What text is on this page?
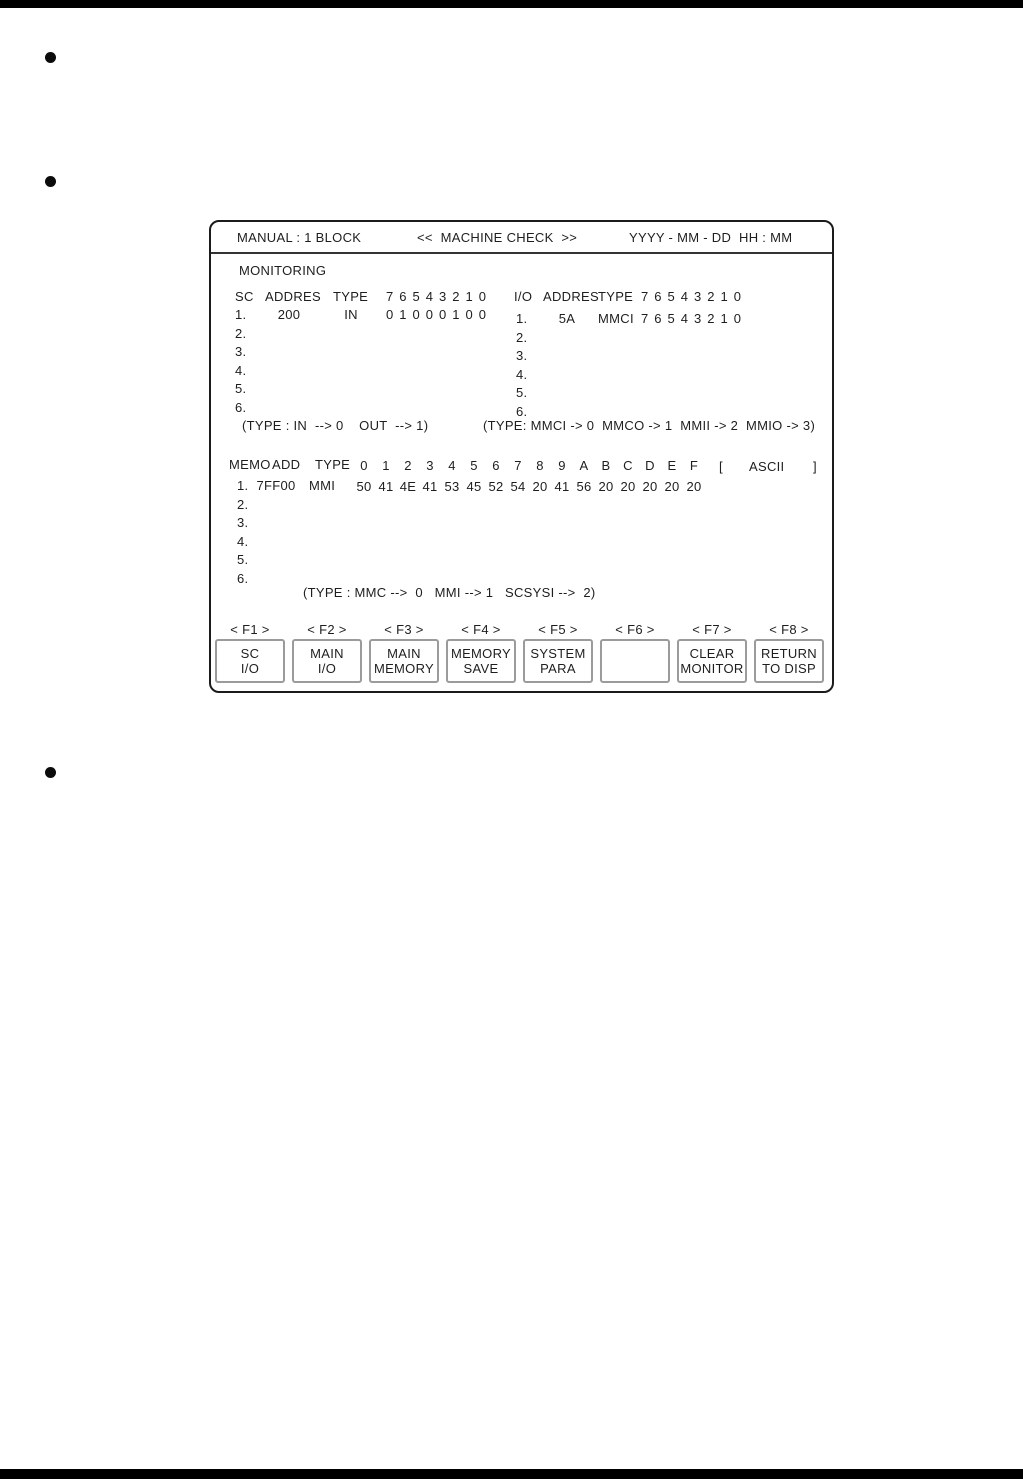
MANUAL : 1 BLOCK	<<  MACHINE CHECK  >>	YYYY - MM - DD  HH : MM
MONITORING
SC ADDRES TYPE 7 6 5 4 3 2 1 0
1.	200	IN	0 1 0 0 0 1 0 0
2.
3.
4.
5.
6.
I/O ADDRES TYPE 7 6 5 4 3 2 1 0
1.	5A	MMCI 7 6 5 4 3 2 1 0
2.
3.
4.
5.
6.
(TYPE : IN  --> 0    OUT  --> 1)	(TYPE: MMCI -> 0  MMCO -> 1  MMII -> 2  MMIO -> 3)
MEMO ADD TYPE 0	1	2	3	4	5	6	7	8	9	A	B C D E	F	[ ASCII ]
1. 7FF00	MMI 50 41 4E 41 53 45 52 54 20 41 56 20 20 20 20 20
2.
3.
4.
5.
6.
(TYPE : MMC -->  0   MMI --> 1   SCSYSI -->  2)
< F1 >	< F2 >	< F3 >	< F4 >	< F5 >	< F6 >	< F7 >	< F8 >
SC
I/O
MAIN
I/O
MAIN
MEMORY
MEMORY
SAVE
SYSTEM
PARA
CLEAR
MONITOR
RETURN
TO DISP
